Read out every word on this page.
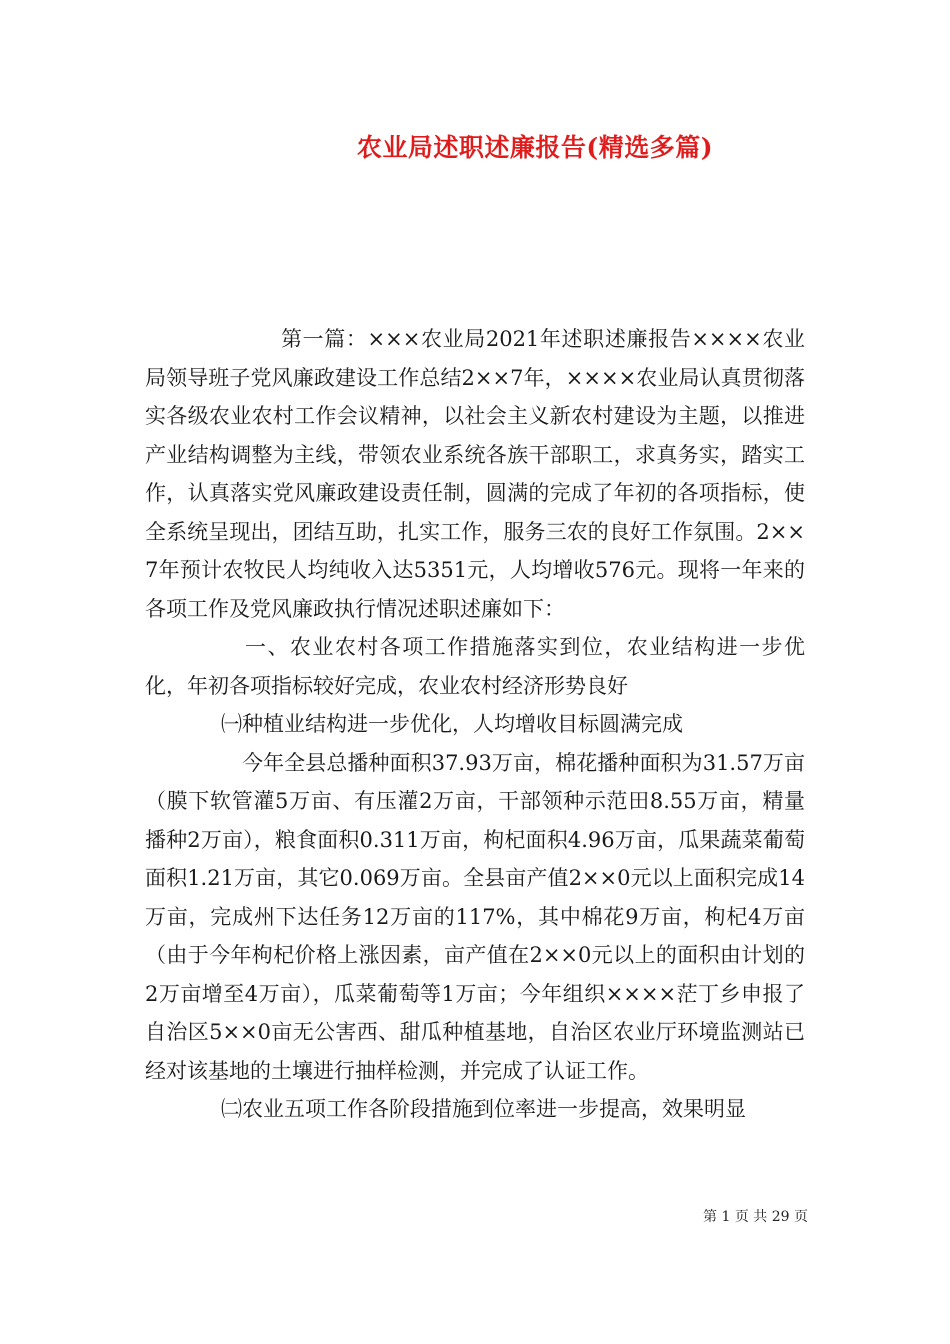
农业局述职述廉报告(精选多篇)

第一篇：×××农业局2021年述职述廉报告××××农业局领导班子党风廉政建设工作总结2××7年，××××农业局认真贯彻落实各级农业农村工作会议精神，以社会主义新农村建设为主题，以推进产业结构调整为主线，带领农业系统各族干部职工，求真务实，踏实工作，认真落实党风廉政建设责任制，圆满的完成了年初的各项指标，使全系统呈现出，团结互助，扎实工作，服务三农的良好工作氛围。2××7年预计农牧民人均纯收入达5351元，人均增收576元。现将一年来的各项工作及党风廉政执行情况述职述廉如下：

一、农业农村各项工作措施落实到位，农业结构进一步优化，年初各项指标较好完成，农业农村经济形势良好

㈠种植业结构进一步优化，人均增收目标圆满完成

今年全县总播种面积37.93万亩，棉花播种面积为31.57万亩（膜下软管灌5万亩、有压灌2万亩，干部领种示范田8.55万亩，精量播种2万亩），粮食面积0.311万亩，枸杞面积4.96万亩，瓜果蔬菜葡萄面积1.21万亩，其它0.069万亩。全县亩产值2××0元以上面积完成14万亩，完成州下达任务12万亩的117%，其中棉花9万亩，枸杞4万亩（由于今年枸杞价格上涨因素，亩产值在2××0元以上的面积由计划的2万亩增至4万亩），瓜菜葡萄等1万亩；今年组织××××茫丁乡申报了自治区5××0亩无公害西、甜瓜种植基地，自治区农业厅环境监测站已经对该基地的土壤进行抽样检测，并完成了认证工作。

㈡农业五项工作各阶段措施到位率进一步提高，效果明显

第 1 页 共 29 页
